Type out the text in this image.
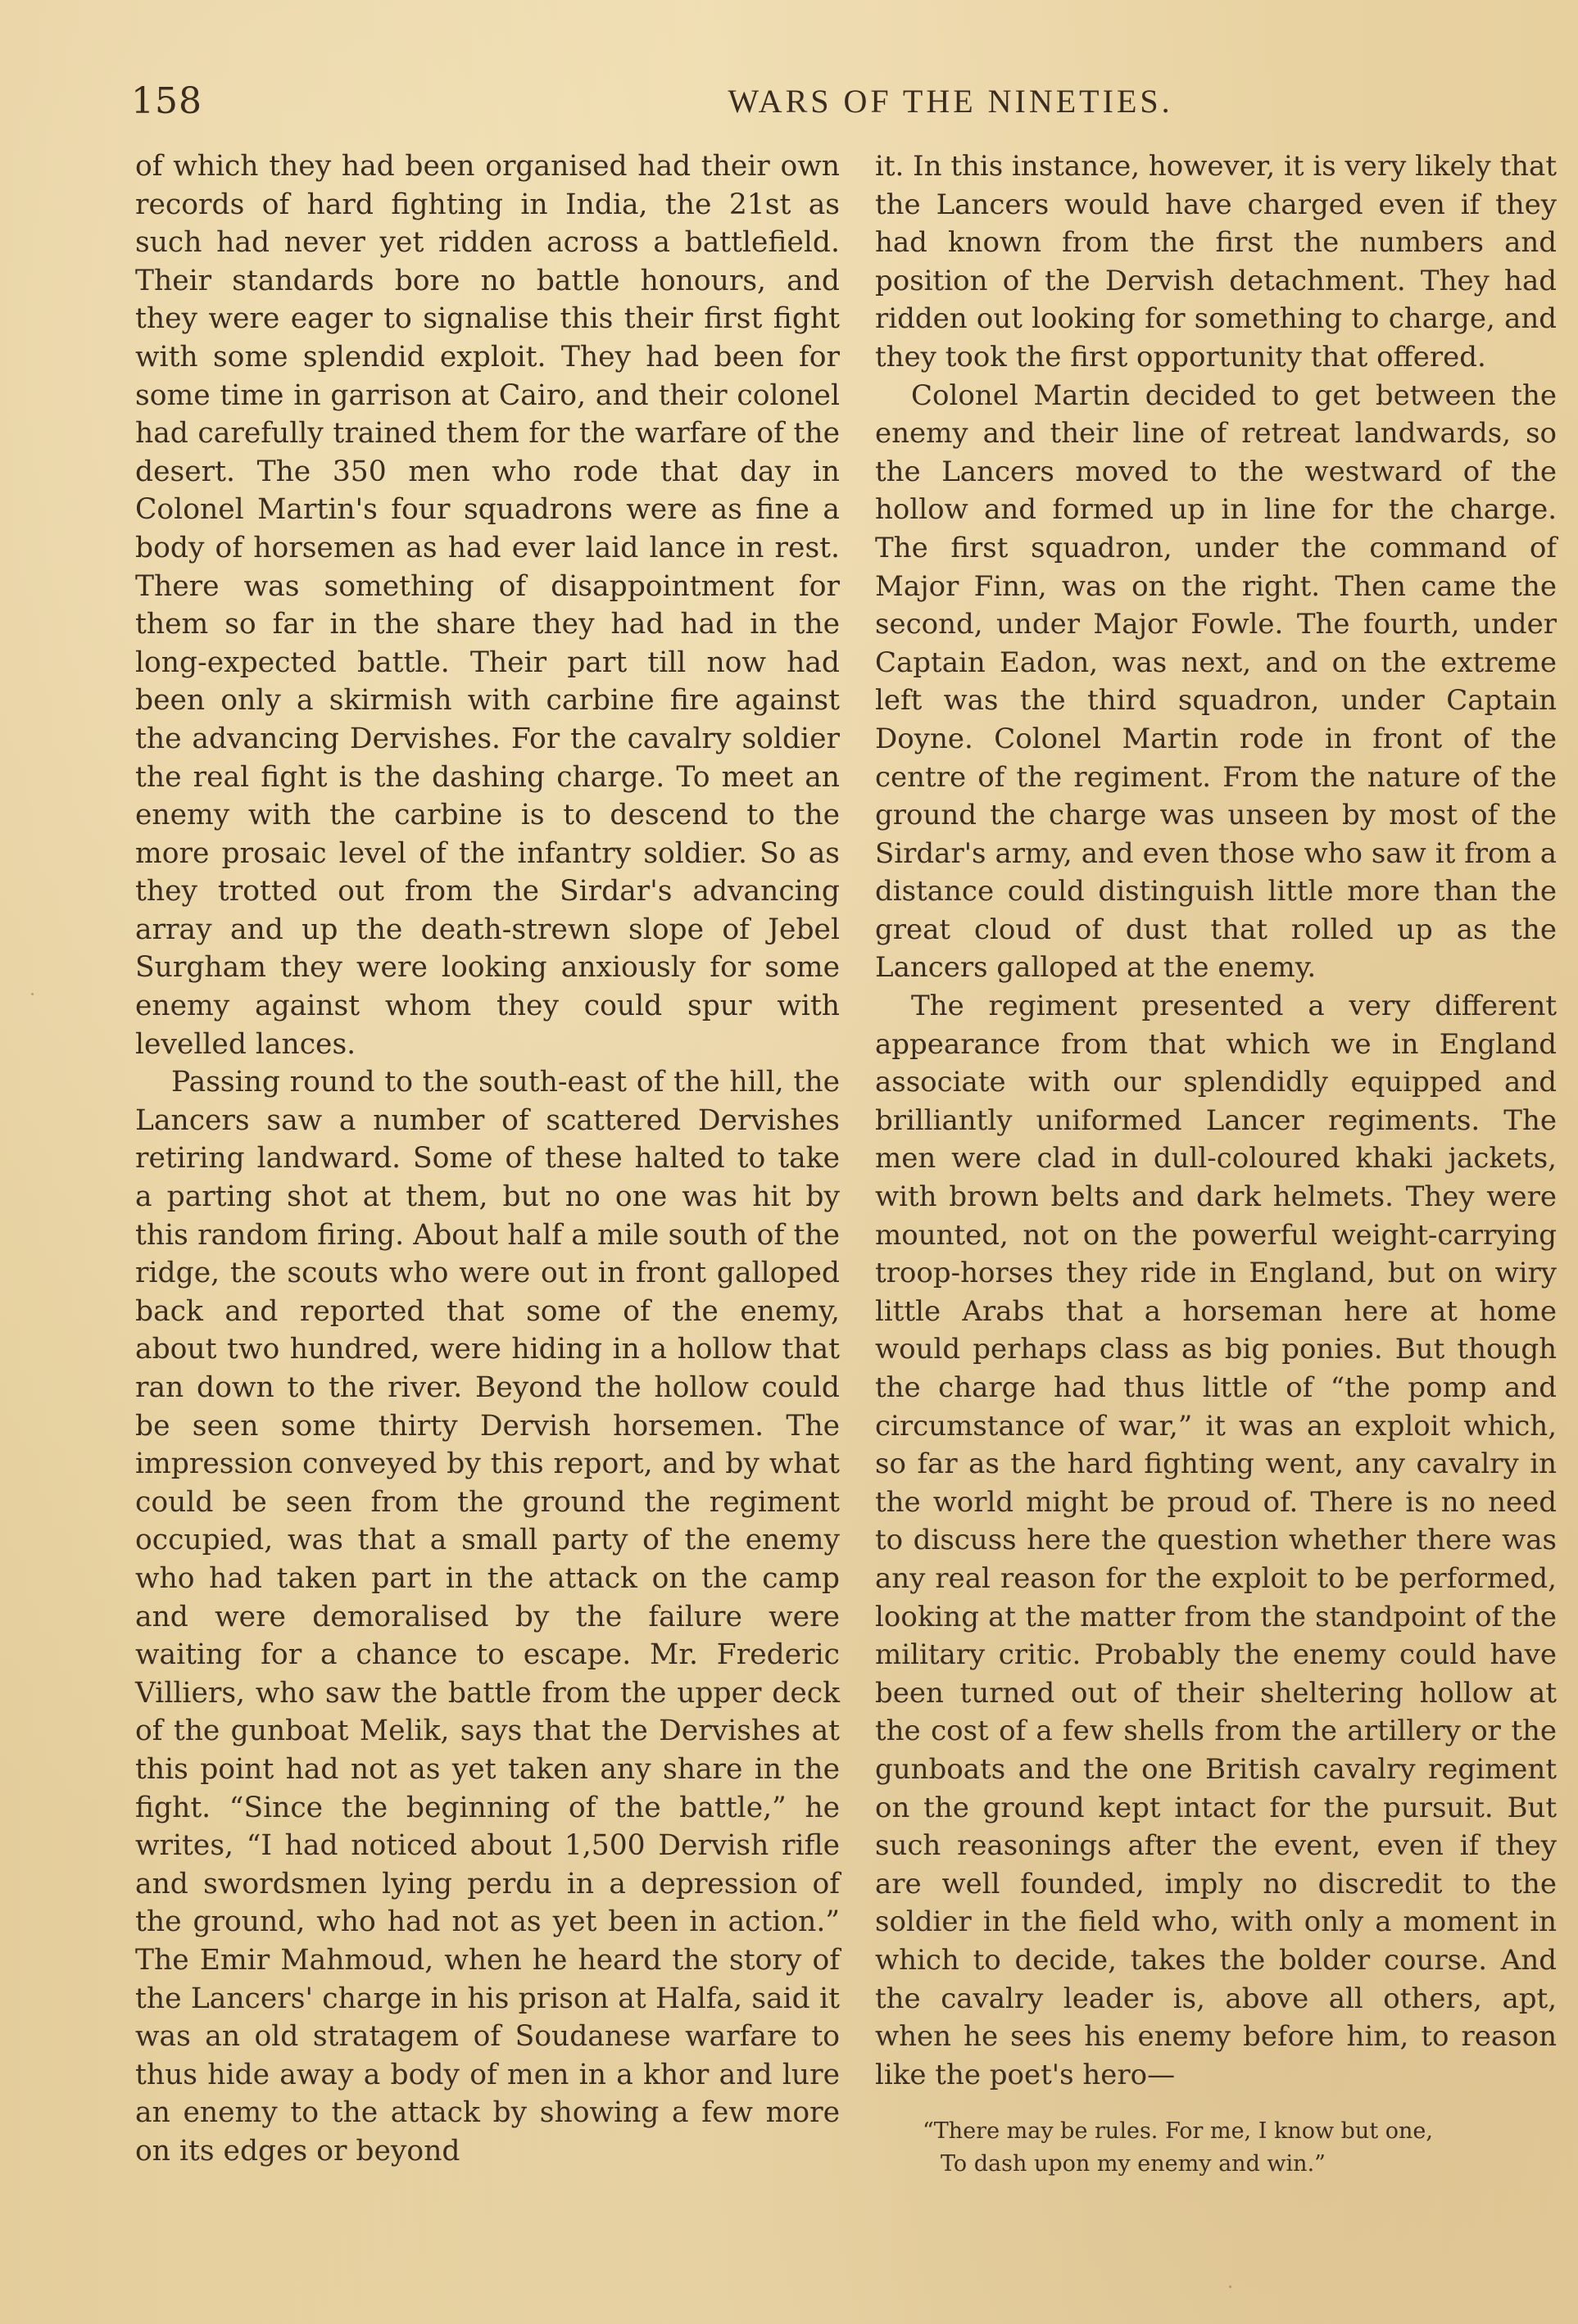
158	WARS OF THE NINETIES.

of which they had been organised had their own records of hard fighting in India, the 21st as such had never yet ridden across a battlefield. Their standards bore no battle honours, and they were eager to signalise this their first fight with some splendid exploit. They had been for some time in garrison at Cairo, and their colonel had carefully trained them for the warfare of the desert. The 350 men who rode that day in Colonel Martin's four squadrons were as fine a body of horsemen as had ever laid lance in rest. There was something of disappointment for them so far in the share they had had in the long-expected battle. Their part till now had been only a skirmish with carbine fire against the advancing Dervishes. For the cavalry soldier the real fight is the dashing charge. To meet an enemy with the carbine is to descend to the more prosaic level of the infantry soldier. So as they trotted out from the Sirdar's advancing array and up the death-strewn slope of Jebel Surgham they were looking anxiously for some enemy against whom they could spur with levelled lances.

Passing round to the south-east of the hill, the Lancers saw a number of scattered Dervishes retiring landward. Some of these halted to take a parting shot at them, but no one was hit by this random firing. About half a mile south of the ridge, the scouts who were out in front galloped back and reported that some of the enemy, about two hundred, were hiding in a hollow that ran down to the river. Beyond the hollow could be seen some thirty Dervish horsemen. The impression conveyed by this report, and by what could be seen from the ground the regiment occupied, was that a small party of the enemy who had taken part in the attack on the camp and were demoralised by the failure were waiting for a chance to escape. Mr. Frederic Villiers, who saw the battle from the upper deck of the gunboat Melik, says that the Dervishes at this point had not as yet taken any share in the fight. “Since the beginning of the battle,” he writes, “I had noticed about 1,500 Dervish rifle and swordsmen lying perdu in a depression of the ground, who had not as yet been in action.” The Emir Mahmoud, when he heard the story of the Lancers' charge in his prison at Halfa, said it was an old stratagem of Soudanese warfare to thus hide away a body of men in a khor and lure an enemy to the attack by showing a few more on its edges or beyond

it. In this instance, however, it is very likely that the Lancers would have charged even if they had known from the first the numbers and position of the Dervish detachment. They had ridden out looking for something to charge, and they took the first opportunity that offered.

Colonel Martin decided to get between the enemy and their line of retreat landwards, so the Lancers moved to the westward of the hollow and formed up in line for the charge. The first squadron, under the command of Major Finn, was on the right. Then came the second, under Major Fowle. The fourth, under Captain Eadon, was next, and on the extreme left was the third squadron, under Captain Doyne. Colonel Martin rode in front of the centre of the regiment. From the nature of the ground the charge was unseen by most of the Sirdar's army, and even those who saw it from a distance could distinguish little more than the great cloud of dust that rolled up as the Lancers galloped at the enemy.

The regiment presented a very different appearance from that which we in England associate with our splendidly equipped and brilliantly uniformed Lancer regiments. The men were clad in dull-coloured khaki jackets, with brown belts and dark helmets. They were mounted, not on the powerful weight-carrying troop-horses they ride in England, but on wiry little Arabs that a horseman here at home would perhaps class as big ponies. But though the charge had thus little of “the pomp and circumstance of war,” it was an exploit which, so far as the hard fighting went, any cavalry in the world might be proud of. There is no need to discuss here the question whether there was any real reason for the exploit to be performed, looking at the matter from the standpoint of the military critic. Probably the enemy could have been turned out of their sheltering hollow at the cost of a few shells from the artillery or the gunboats and the one British cavalry regiment on the ground kept intact for the pursuit. But such reasonings after the event, even if they are well founded, imply no discredit to the soldier in the field who, with only a moment in which to decide, takes the bolder course. And the cavalry leader is, above all others, apt, when he sees his enemy before him, to reason like the poet's hero—

“There may be rules. For me, I know but one,
To dash upon my enemy and win.”
